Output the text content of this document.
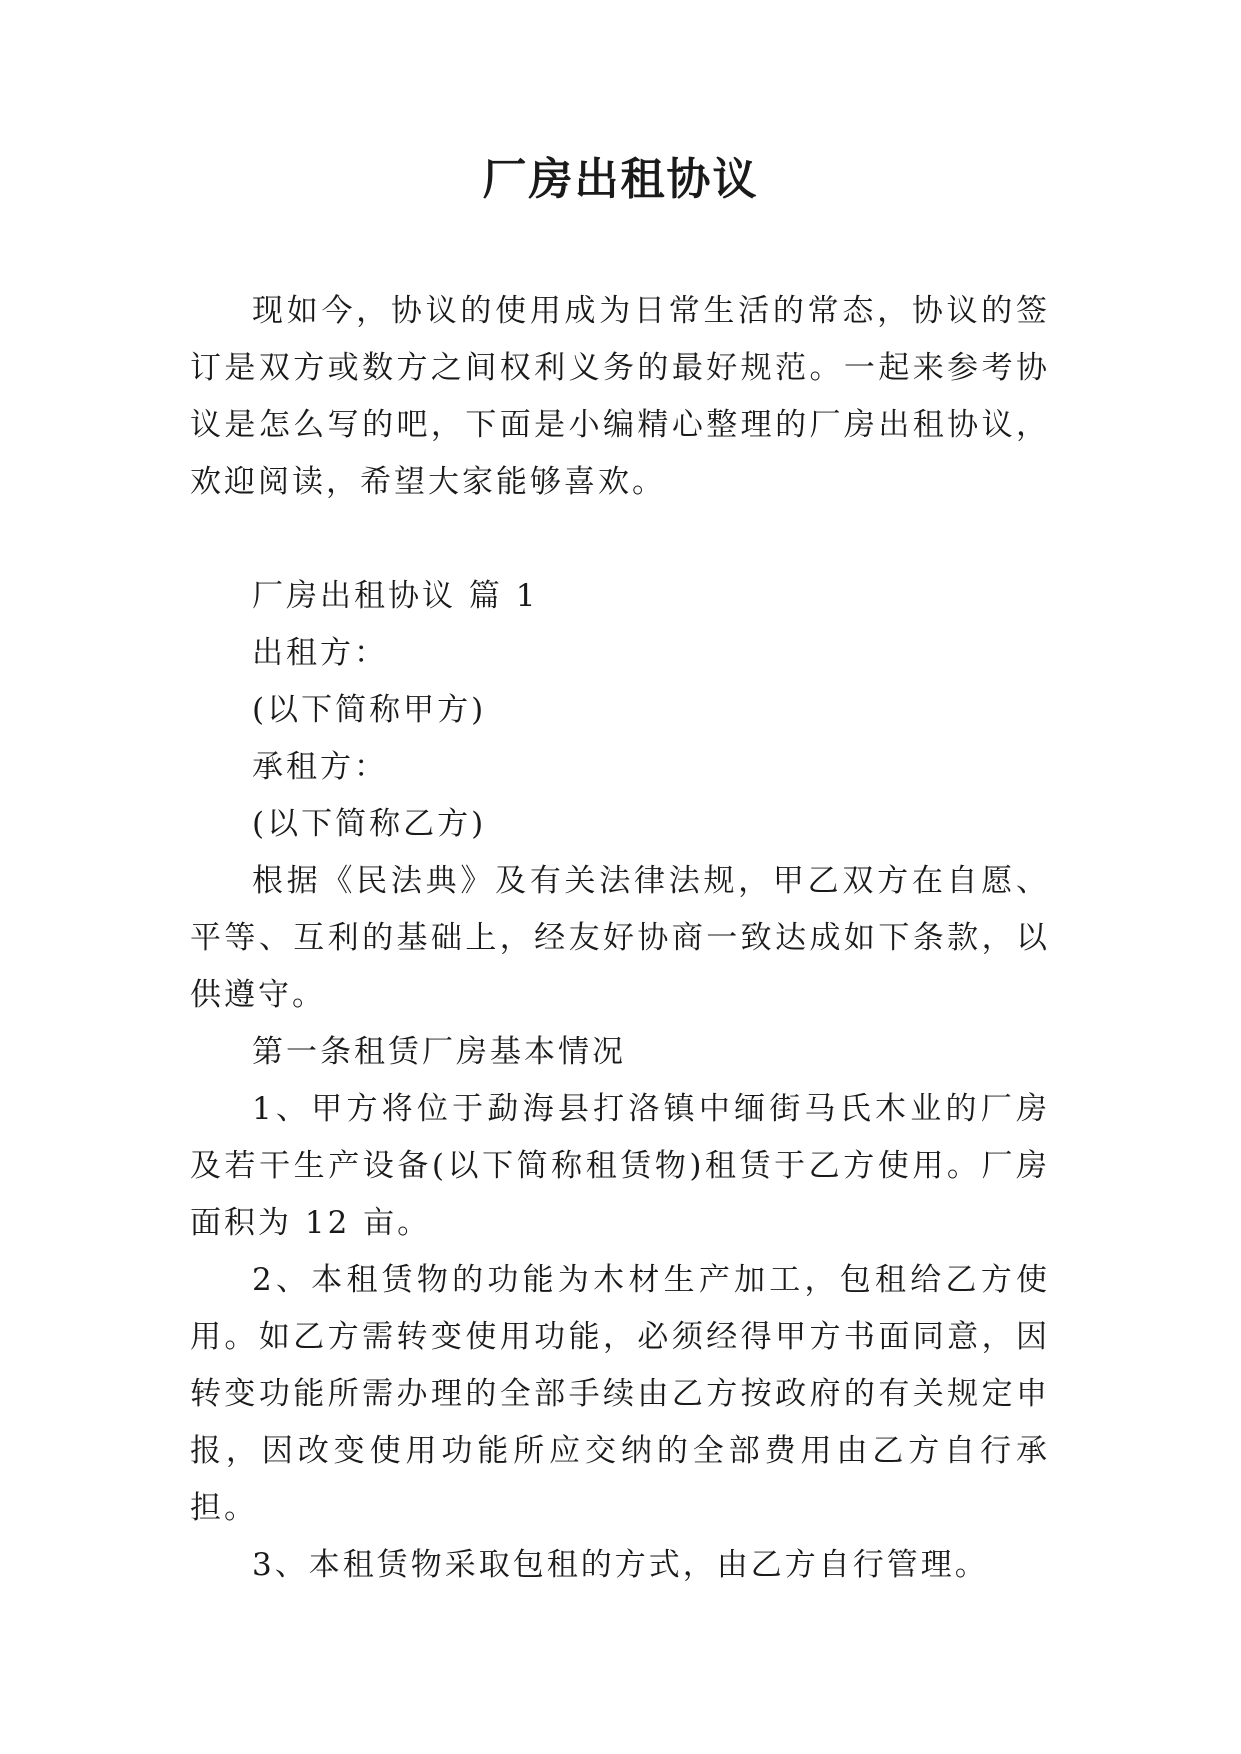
厂房出租协议

现如今，协议的使用成为日常生活的常态，协议的签订是双方或数方之间权利义务的最好规范。一起来参考协议是怎么写的吧，下面是小编精心整理的厂房出租协议，欢迎阅读，希望大家能够喜欢。

厂房出租协议 篇 1

出租方：

(以下简称甲方)

承租方：

(以下简称乙方)

根据《民法典》及有关法律法规，甲乙双方在自愿、平等、互利的基础上，经友好协商一致达成如下条款，以供遵守。

第一条租赁厂房基本情况

1、甲方将位于勐海县打洛镇中缅街马氏木业的厂房及若干生产设备(以下简称租赁物)租赁于乙方使用。厂房面积为 12 亩。

2、本租赁物的功能为木材生产加工，包租给乙方使用。如乙方需转变使用功能，必须经得甲方书面同意，因转变功能所需办理的全部手续由乙方按政府的有关规定申报，因改变使用功能所应交纳的全部费用由乙方自行承担。

3、本租赁物采取包租的方式，由乙方自行管理。
